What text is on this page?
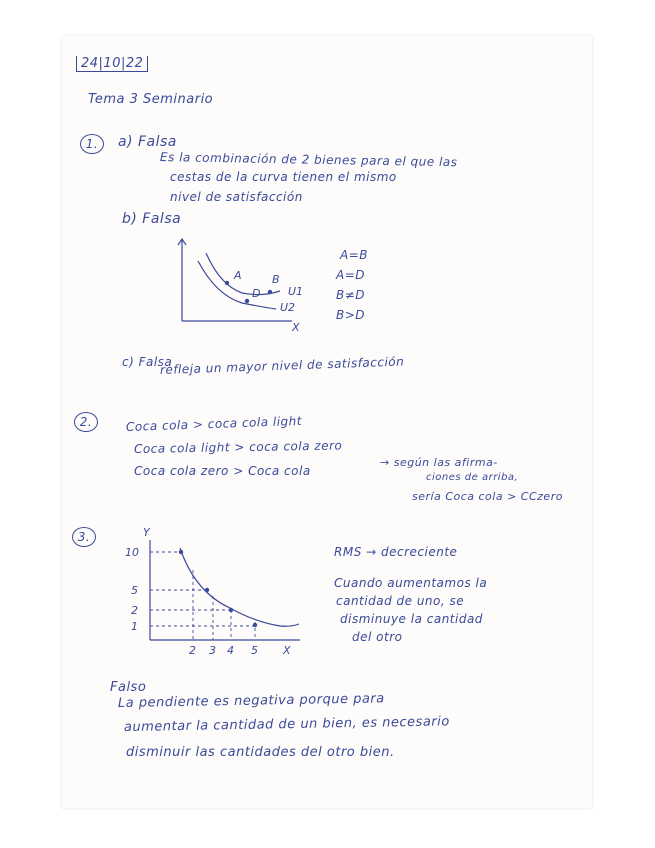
24|10|22
Tema 3 Seminario
1.	a) Falsa
Es la combinación de 2 bienes para el que las
cestas de la curva tienen el mismo
nivel de satisfacción
b) Falsa
A	B
D	U1
U2
X
A=B
A=D
B≠D
B>D
c) Falsa
refleja un mayor nivel de satisfacción
2.	Coca cola > coca cola light
Coca cola light > coca cola zero
Coca cola zero > Coca cola
→ según las afirma-
ciones de arriba,
sería Coca cola > CCzero
3.	Y
X
10
5
2
1
2 3 4 5
RMS → decreciente
Cuando aumentamos la
cantidad de uno, se
disminuye la cantidad
del otro
Falso
La pendiente es negativa porque para
aumentar la cantidad de un bien, es necesario
disminuir las cantidades del otro bien.
